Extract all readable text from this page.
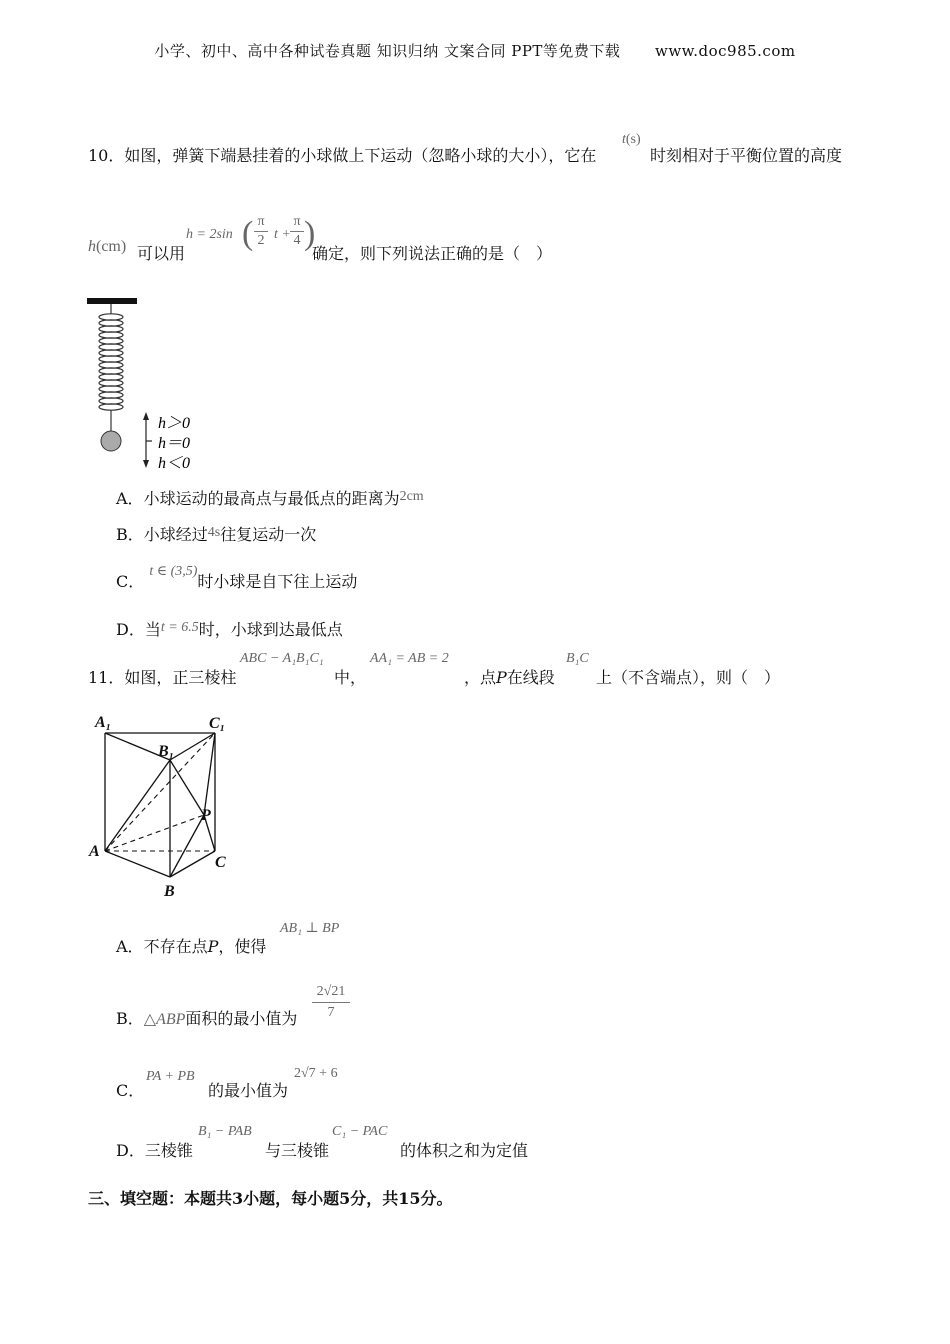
小学、初中、高中各种试卷真题 知识归纳 文案合同 PPT等免费下载 www.doc985.com
10．如图，弹簧下端悬挂着的小球做上下运动（忽略小球的大小），它在
t(s)
时刻相对于平衡位置的高度
h(cm) 可以用
h = 2sin ( $\frac{\pi}{2}$ $t + \frac{\pi}{4}$ )
确定，则下列说法正确的是（　）
h＞0
h＝0
h＜0
A．小球运动的最高点与最低点的距离为2cm
B．小球经过4s往复运动一次
C． t ∈ (3,5)时小球是自下往上运动
D．当t = 6.5时，小球到达最低点
11．如图，正三棱柱
ABC − A₁B₁C₁
中，
AA₁ = AB = 2
，点P在线段
B₁C
上（不含端点），则（　）
A₁
B₁
C₁
P
A
B
C
A．不存在点P，使得
AB₁ ⊥ BP
B．△ABP面积的最小值为 $\frac{2√21}{7}$
C．
PA + PB
的最小值为
2√7 + 6
D．三棱锥
B₁ − PAB
与三棱锥
C₁ − PAC
的体积之和为定值
三、填空题：本题共3小题，每小题5分，共15分。
